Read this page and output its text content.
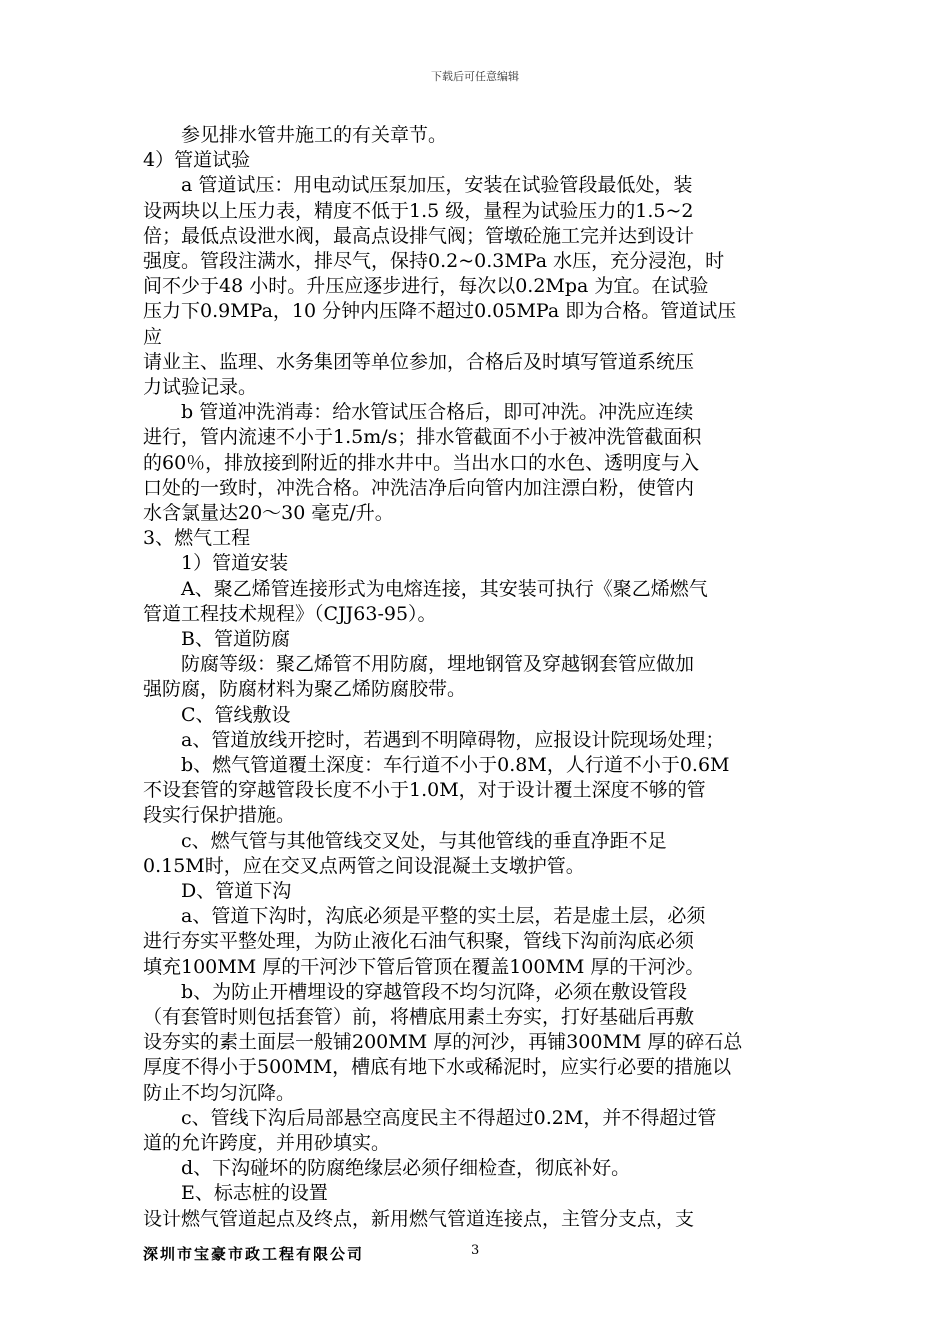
下载后可任意编辑
　　参见排水管井施工的有关章节。
4）管道试验
　　a 管道试压：用电动试压泵加压，安装在试验管段最低处，装
设两块以上压力表，精度不低于1.5 级，量程为试验压力的1.5~2
倍；最低点设泄水阀，最高点设排气阀；管墩砼施工完并达到设计
强度。管段注满水，排尽气，保持0.2~0.3MPa 水压，充分浸泡，时
间不少于48 小时。升压应逐步进行，每次以0.2Mpa 为宜。在试验
压力下0.9MPa，10 分钟内压降不超过0.05MPa 即为合格。管道试压
应
请业主、监理、水务集团等单位参加，合格后及时填写管道系统压
力试验记录。
　　b 管道冲洗消毒：给水管试压合格后，即可冲洗。冲洗应连续
进行，管内流速不小于1.5m/s；排水管截面不小于被冲洗管截面积
的60％，排放接到附近的排水井中。当出水口的水色、透明度与入
口处的一致时，冲洗合格。冲洗洁净后向管内加注漂白粉，使管内
水含氯量达20～30 毫克/升。
3、燃气工程
　　1）管道安装
　　A、聚乙烯管连接形式为电熔连接，其安装可执行《聚乙烯燃气
管道工程技术规程》（CJJ63-95）。
　　B、管道防腐
　　防腐等级：聚乙烯管不用防腐，埋地钢管及穿越钢套管应做加
强防腐，防腐材料为聚乙烯防腐胶带。
　　C、管线敷设
　　a、管道放线开挖时，若遇到不明障碍物，应报设计院现场处理；
　　b、燃气管道覆土深度：车行道不小于0.8M，人行道不小于0.6M
不设套管的穿越管段长度不小于1.0M，对于设计覆土深度不够的管
段实行保护措施。
　　c、燃气管与其他管线交叉处，与其他管线的垂直净距不足
0.15M时，应在交叉点两管之间设混凝土支墩护管。
　　D、管道下沟
　　a、管道下沟时，沟底必须是平整的实土层，若是虚土层，必须
进行夯实平整处理，为防止液化石油气积聚，管线下沟前沟底必须
填充100MM 厚的干河沙下管后管顶在覆盖100MM 厚的干河沙。
　　b、为防止开槽埋设的穿越管段不均匀沉降，必须在敷设管段
（有套管时则包括套管）前，将槽底用素土夯实，打好基础后再敷
设夯实的素土面层一般铺200MM 厚的河沙，再铺300MM 厚的碎石总
厚度不得小于500MM，槽底有地下水或稀泥时，应实行必要的措施以
防止不均匀沉降。
　　c、管线下沟后局部悬空高度民主不得超过0.2M，并不得超过管
道的允许跨度，并用砂填实。
　　d、下沟碰坏的防腐绝缘层必须仔细检查，彻底补好。
　　E、标志桩的设置
设计燃气管道起点及终点，新用燃气管道连接点，主管分支点，支
深圳市宝豪市政工程有限公司	3
